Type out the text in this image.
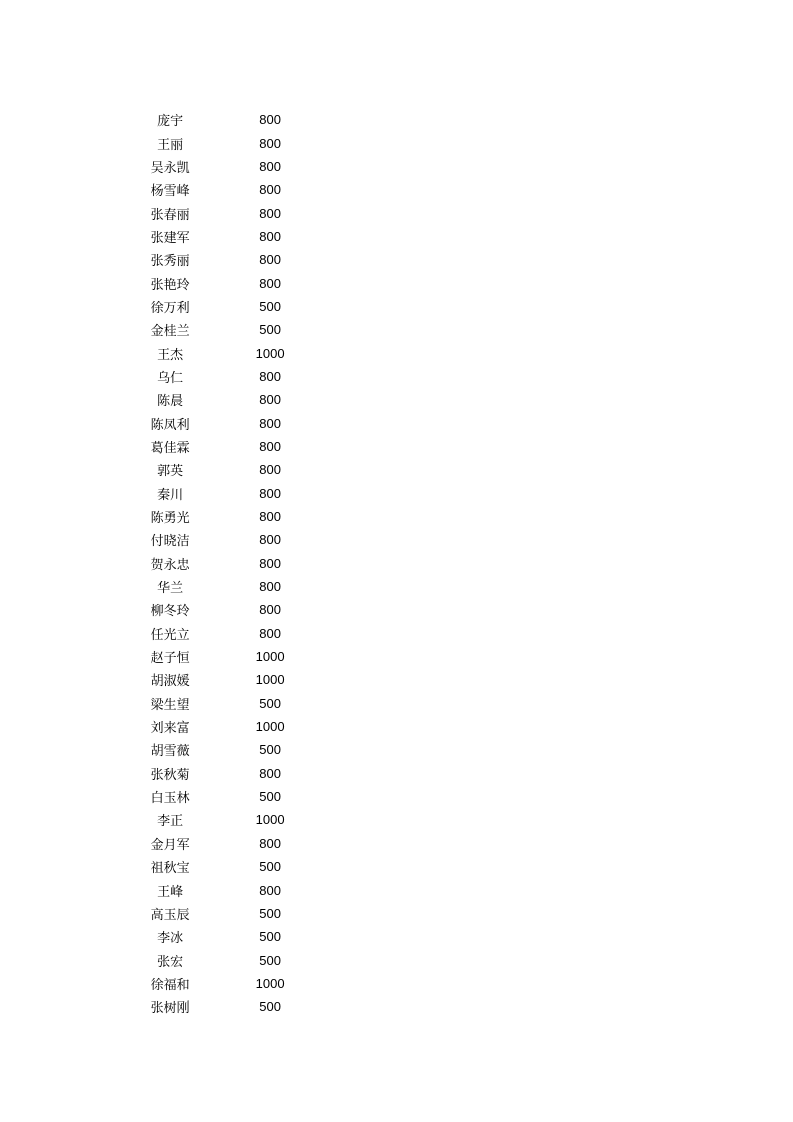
庞宇	800
王丽	800
吴永凯	800
杨雪峰	800
张春丽	800
张建军	800
张秀丽	800
张艳玲	800
徐万利	500
金桂兰	500
王杰	1000
乌仁	800
陈晨	800
陈凤利	800
葛佳霖	800
郭英	800
秦川	800
陈勇光	800
付晓洁	800
贺永忠	800
华兰	800
柳冬玲	800
任光立	800
赵子恒	1000
胡淑媛	1000
梁生望	500
刘来富	1000
胡雪薇	500
张秋菊	800
白玉林	500
李正	1000
金月军	800
祖秋宝	500
王峰	800
高玉辰	500
李冰	500
张宏	500
徐福和	1000
张树刚	500
